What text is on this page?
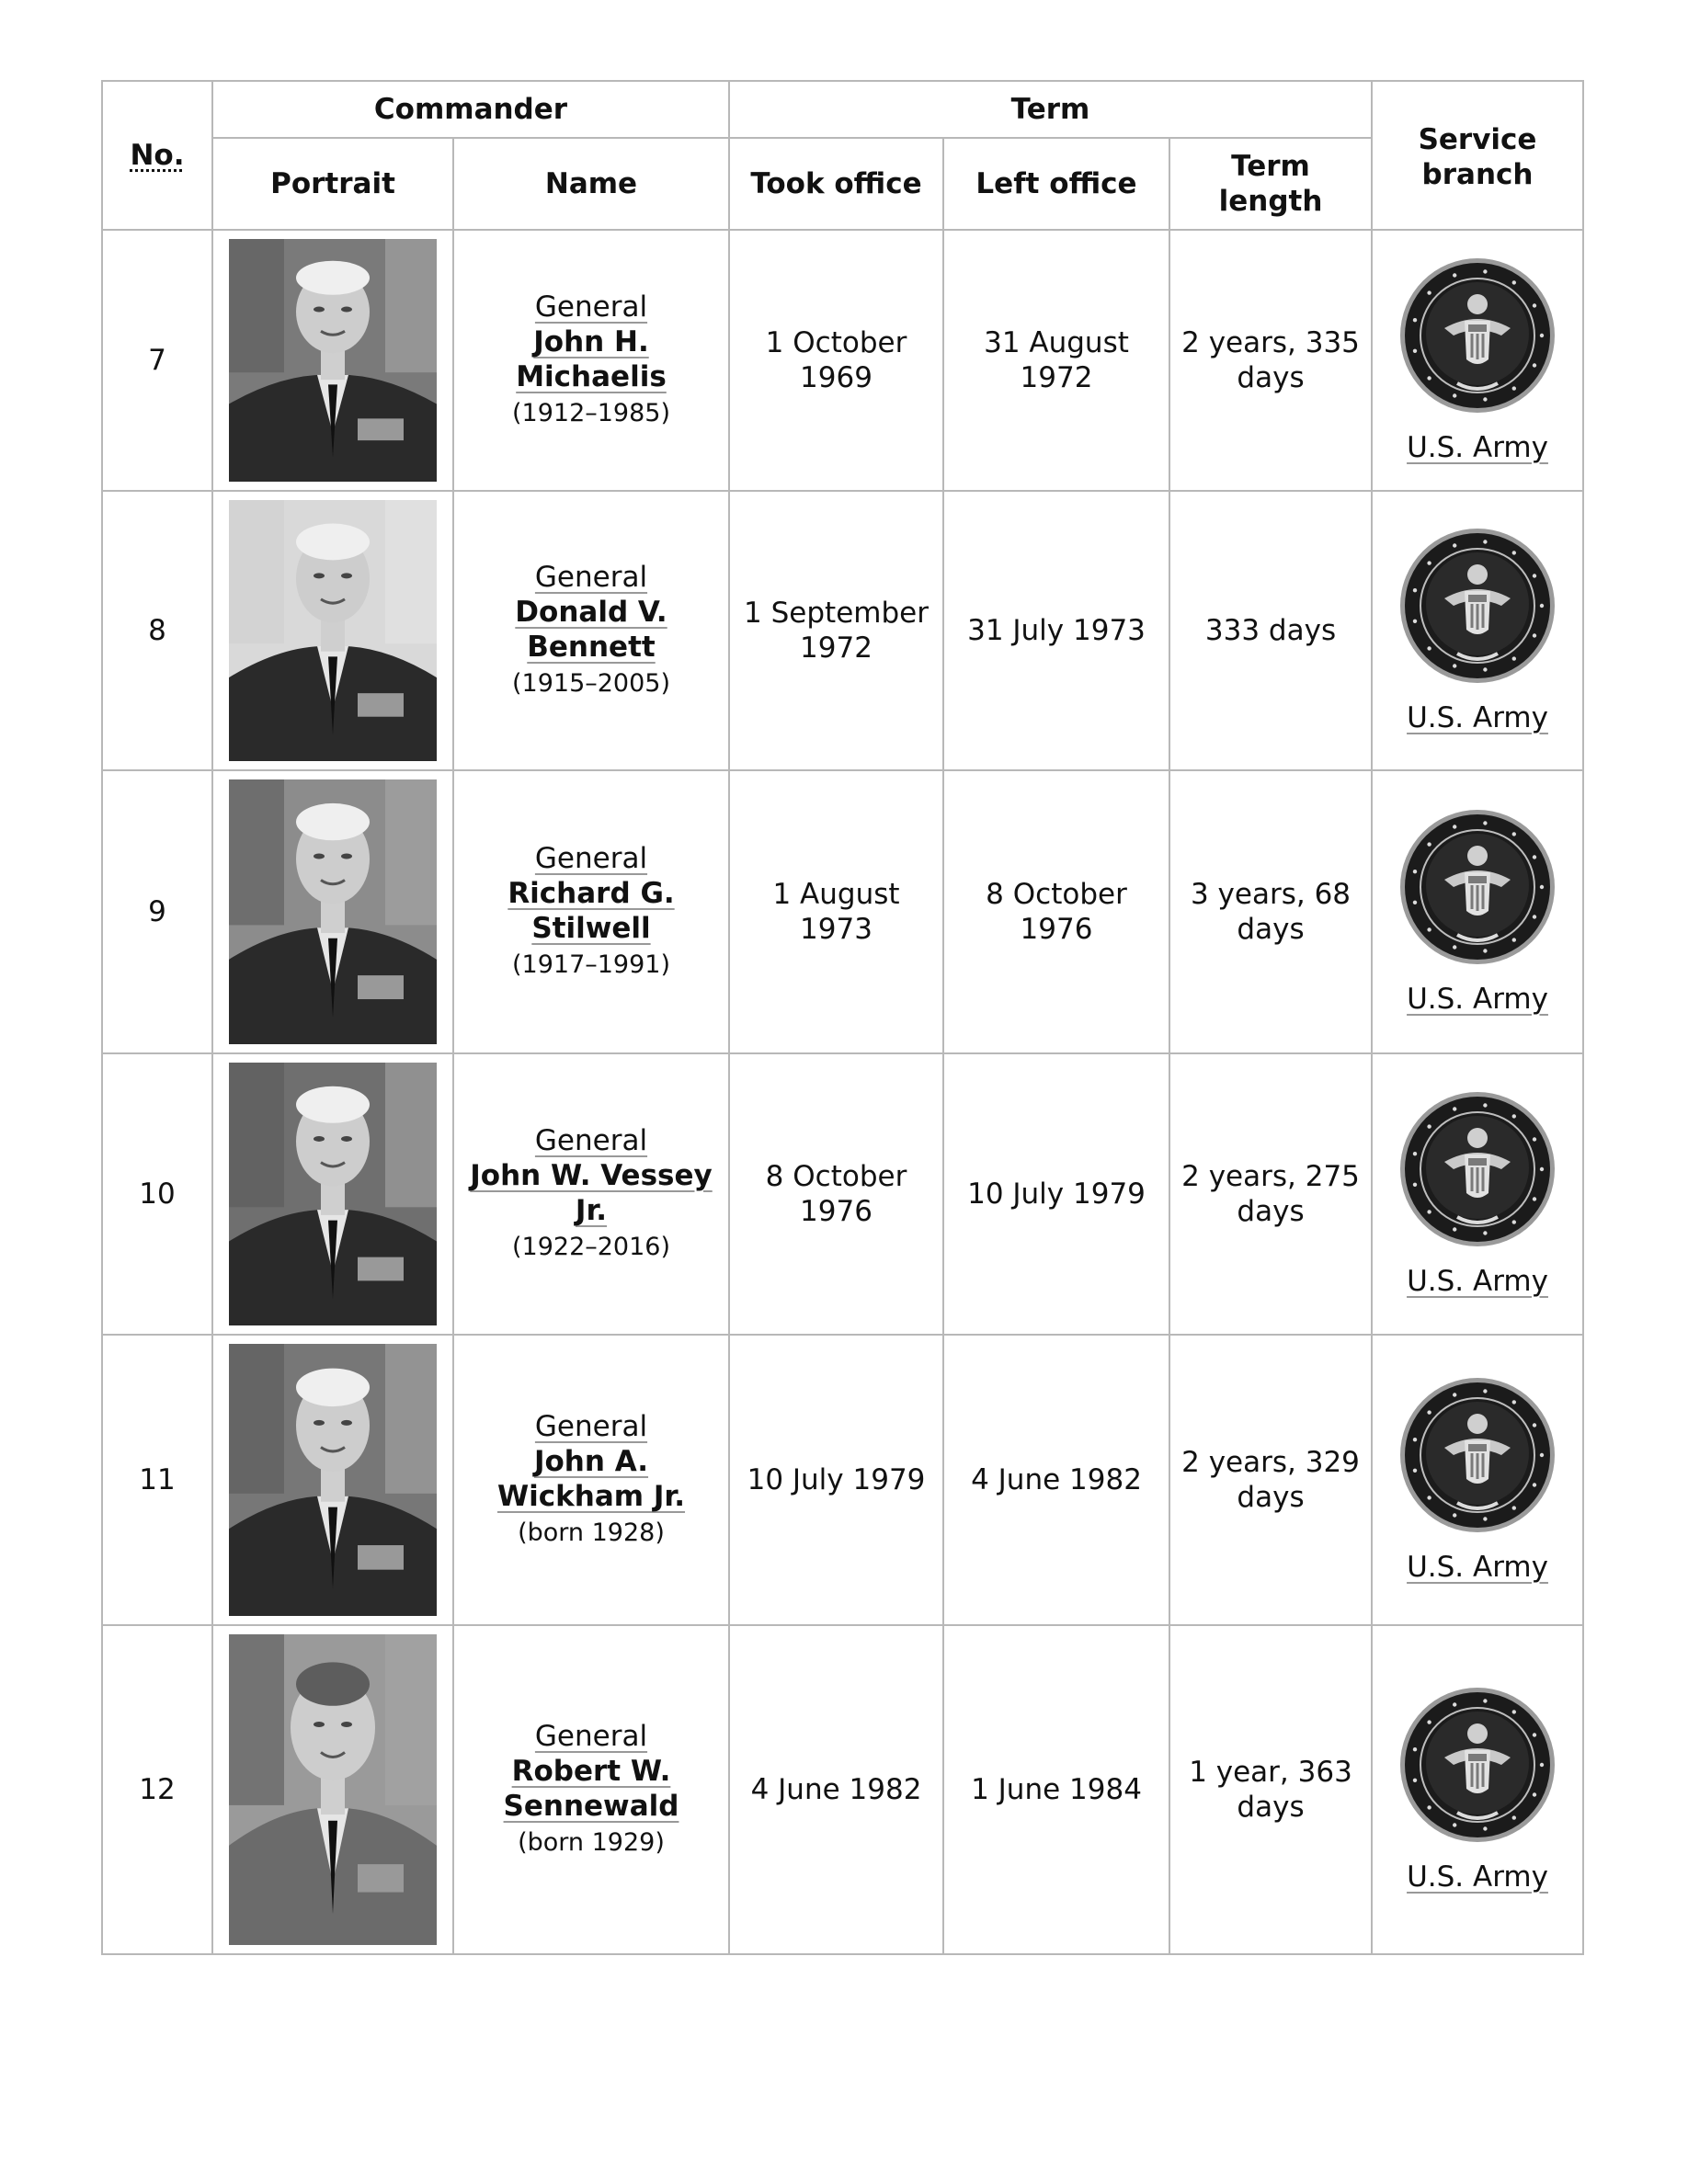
No.	Commander		Term			Service branch
	Portrait	Name	Took office	Left office	Term length	
7		General
John H. Michaelis
(1912–1985)	1 October 1969	31 August 1972	2 years, 335 days	U.S. Army

8		General
Donald V. Bennett
(1915–2005)	1 September 1972	31 July 1973	333 days	U.S. Army

9		General
Richard G. Stilwell
(1917–1991)	1 August 1973	8 October 1976	3 years, 68 days	U.S. Army

10		General
John W. Vessey Jr.
(1922–2016)	8 October 1976	10 July 1979	2 years, 275 days	U.S. Army

11		General
John A. Wickham Jr.
(born 1928)	10 July 1979	4 June 1982	2 years, 329 days	U.S. Army

12		General
Robert W. Sennewald
(born 1929)	4 June 1982	1 June 1984	1 year, 363 days	U.S. Army
